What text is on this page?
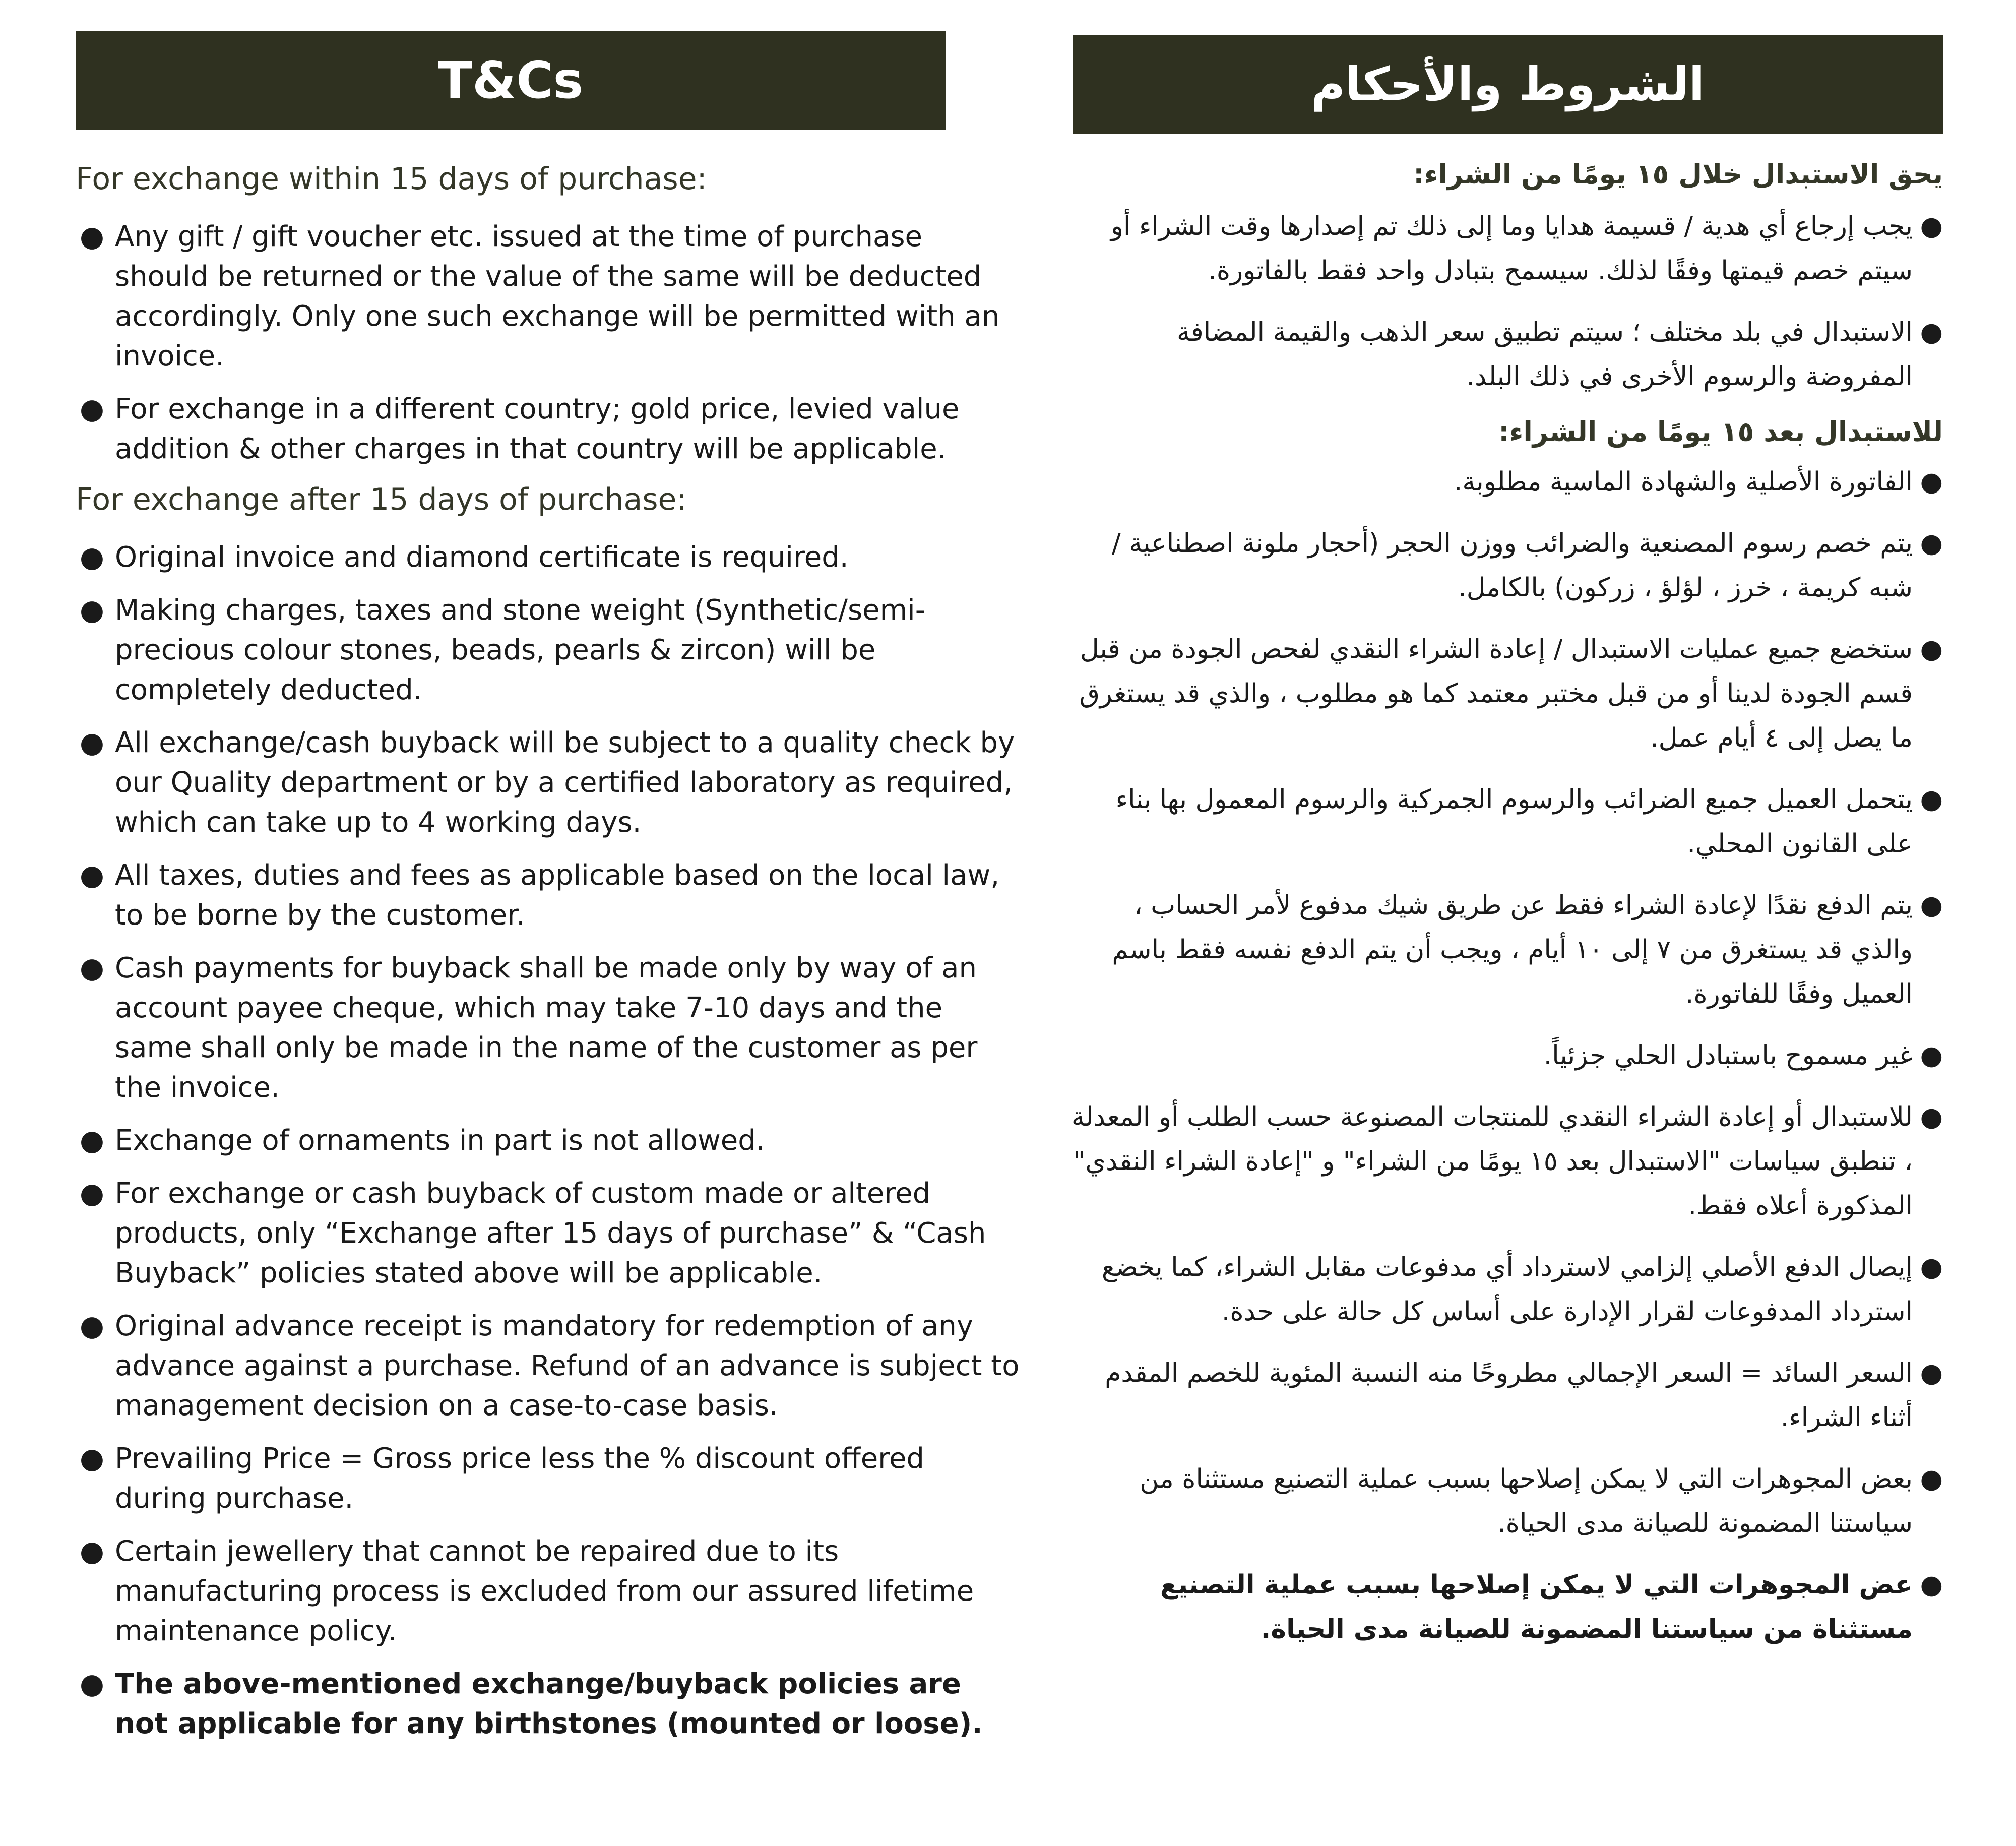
T&Cs
For exchange within 15 days of purchase:
● Any gift / gift voucher etc. issued at the time of purchase should be returned or the value of the same will be deducted accordingly. Only one such exchange will be permitted with an invoice.
● For exchange in a different country; gold price, levied value addition & other charges in that country will be applicable.
For exchange after 15 days of purchase:
● Original invoice and diamond certificate is required.
● Making charges, taxes and stone weight (Synthetic/semi-precious colour stones, beads, pearls & zircon) will be completely deducted.
● All exchange/cash buyback will be subject to a quality check by our Quality department or by a certified laboratory as required, which can take up to 4 working days.
● All taxes, duties and fees as applicable based on the local law, to be borne by the customer.
● Cash payments for buyback shall be made only by way of an account payee cheque, which may take 7-10 days and the same shall only be made in the name of the customer as per the invoice.
● Exchange of ornaments in part is not allowed.
● For exchange or cash buyback of custom made or altered products, only “Exchange after 15 days of purchase” & “Cash Buyback” policies stated above will be applicable.
● Original advance receipt is mandatory for redemption of any advance against a purchase. Refund of an advance is subject to management decision on a case-to-case basis.
● Prevailing Price = Gross price less the % discount offered during purchase.
● Certain jewellery that cannot be repaired due to its manufacturing process is excluded from our assured lifetime maintenance policy.
● The above-mentioned exchange/buyback policies are not applicable for any birthstones (mounted or loose).
الشروط والأحكام
يحق الاستبدال خلال ١٥ يومًا من الشراء:
●
يجب إرجاع أي هدية / قسيمة هدايا وما إلى ذلك تم إصدارها وقت الشراء أو سيتم خصم قيمتها وفقًا لذلك. سيسمح بتبادل واحد فقط بالفاتورة.
●
الاستبدال في بلد مختلف ؛ سيتم تطبيق سعر الذهب والقيمة المضافة المفروضة والرسوم الأخرى في ذلك البلد.
للاستبدال بعد ١٥ يومًا من الشراء:
●
الفاتورة الأصلية والشهادة الماسية مطلوبة.
●
يتم خصم رسوم المصنعية والضرائب ووزن الحجر (أحجار ملونة اصطناعية / شبه كريمة ، خرز ، لؤلؤ ، زركون) بالكامل.
●
ستخضع جميع عمليات الاستبدال / إعادة الشراء النقدي لفحص الجودة من قبل قسم الجودة لدينا أو من قبل مختبر معتمد كما هو مطلوب ، والذي قد يستغرق ما يصل إلى ٤ أيام عمل.
●
يتحمل العميل جميع الضرائب والرسوم الجمركية والرسوم المعمول بها بناء على القانون المحلي.
●
يتم الدفع نقدًا لإعادة الشراء فقط عن طريق شيك مدفوع لأمر الحساب ، والذي قد يستغرق من ٧ إلى ١٠ أيام ، ويجب أن يتم الدفع نفسه فقط باسم العميل وفقًا للفاتورة.
●
غير مسموح باستبادل الحلي جزئياً.
●
للاستبدال أو إعادة الشراء النقدي للمنتجات المصنوعة حسب الطلب أو المعدلة ، تنطبق سياسات "الاستبدال بعد ١٥ يومًا من الشراء" و "إعادة الشراء النقدي" المذكورة أعلاه فقط.
●
إيصال الدفع الأصلي إلزامي لاسترداد أي مدفوعات مقابل الشراء، كما يخضع استرداد المدفوعات لقرار الإدارة على أساس كل حالة على حدة.
●
السعر السائد = السعر الإجمالي مطروحًا منه النسبة المئوية للخصم المقدم أثناء الشراء.
●
بعض المجوهرات التي لا يمكن إصلاحها بسبب عملية التصنيع مستثناة من سياستنا المضمونة للصيانة مدى الحياة.
●
عض المجوهرات التي لا يمكن إصلاحها بسبب عملية التصنيع مستثناة من سياستنا المضمونة للصيانة مدى الحياة.
